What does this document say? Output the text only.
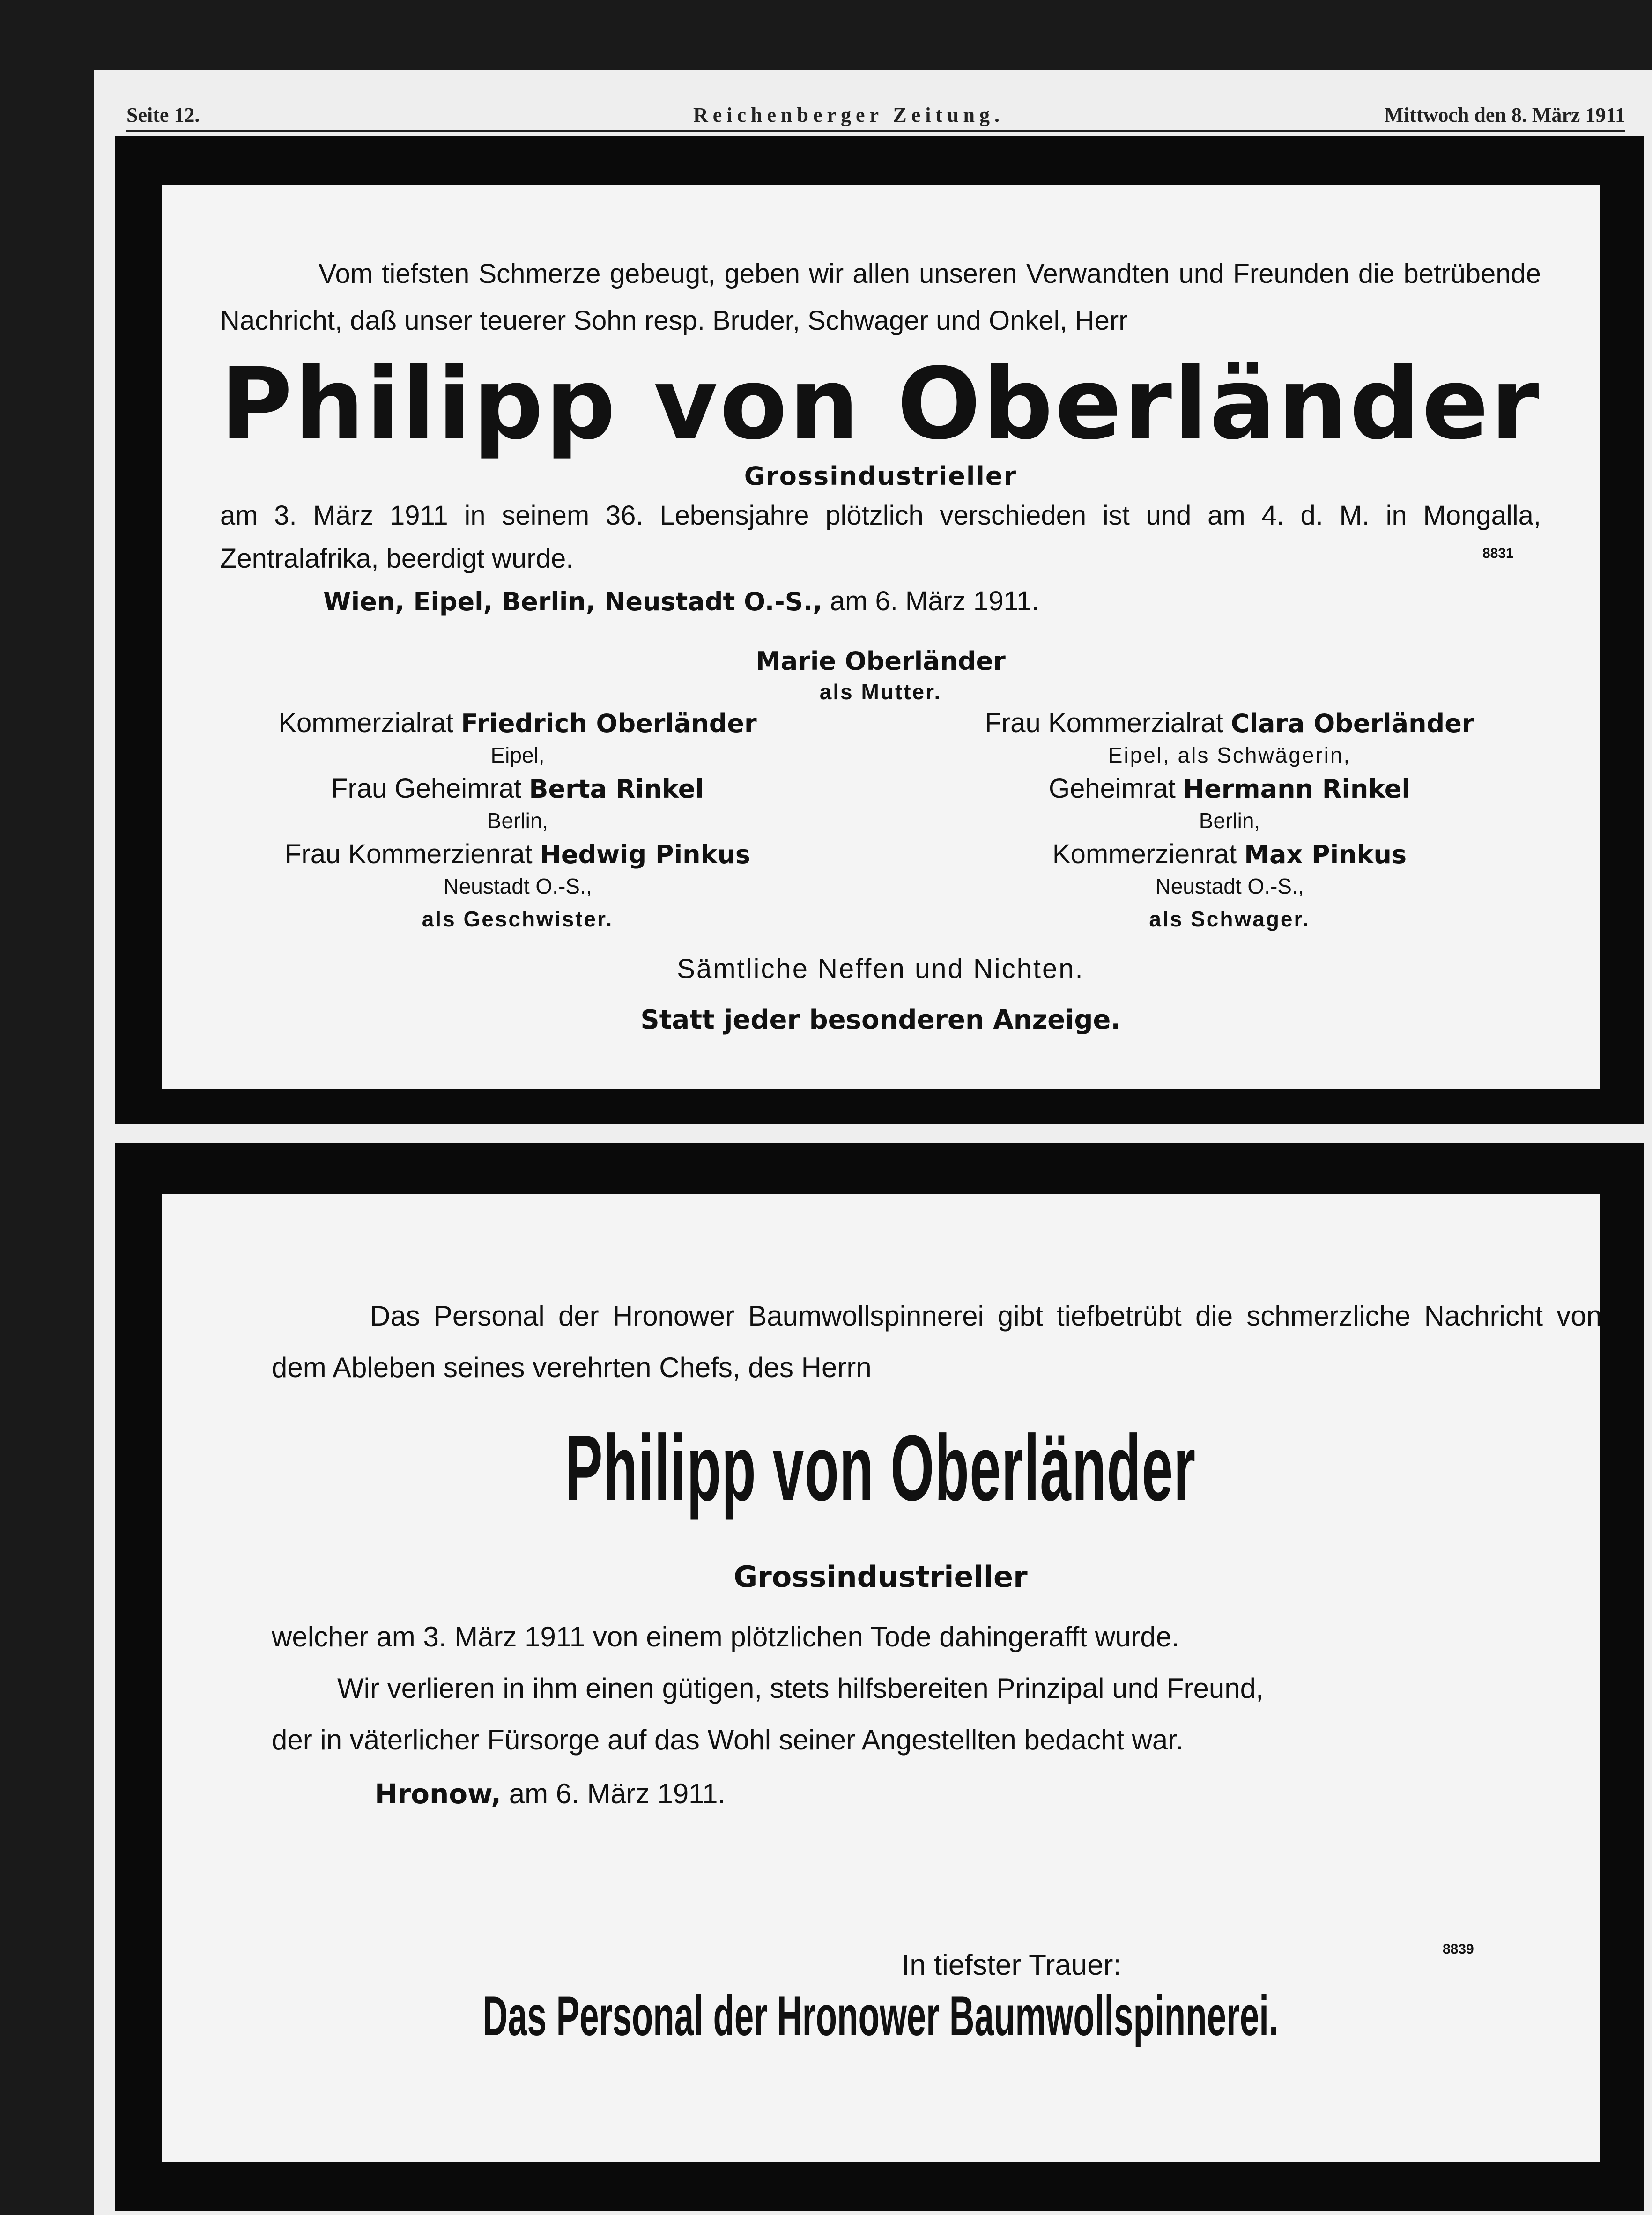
Seite 12.	Reichenberger Zeitung.	Mittwoch den 8. März 1911
Vom tiefsten Schmerze gebeugt, geben wir allen unseren Verwandten und Freunden die betrübende Nachricht, daß unser teuerer Sohn resp. Bruder, Schwager und Onkel, Herr
Philipp von Oberländer
Grossindustrieller
am 3. März 1911 in seinem 36. Lebensjahre plötzlich verschieden ist und am 4. d. M. in Mongalla, Zentralafrika, beerdigt wurde.	8831
Wien, Eipel, Berlin, Neustadt O.-S., am 6. März 1911.
Marie Oberländer
als Mutter.
Kommerzialrat Friedrich Oberländer
Eipel,
Frau Geheimrat Berta Rinkel
Berlin,
Frau Kommerzienrat Hedwig Pinkus
Neustadt O.-S.,
als Geschwister.
Frau Kommerzialrat Clara Oberländer
Eipel, als Schwägerin,
Geheimrat Hermann Rinkel
Berlin,
Kommerzienrat Max Pinkus
Neustadt O.-S.,
als Schwager.
Sämtliche Neffen und Nichten.
Statt jeder besonderen Anzeige.
Das Personal der Hronower Baumwollspinnerei gibt tiefbetrübt die schmerzliche Nachricht von dem Ableben seines verehrten Chefs, des Herrn
Philipp von Oberländer
Grossindustrieller
welcher am 3. März 1911 von einem plötzlichen Tode dahingerafft wurde.
Wir verlieren in ihm einen gütigen, stets hilfsbereiten Prinzipal und Freund,
der in väterlicher Fürsorge auf das Wohl seiner Angestellten bedacht war.
Hronow, am 6. März 1911.
8839
In tiefster Trauer:
Das Personal der Hronower Baumwollspinnerei.
